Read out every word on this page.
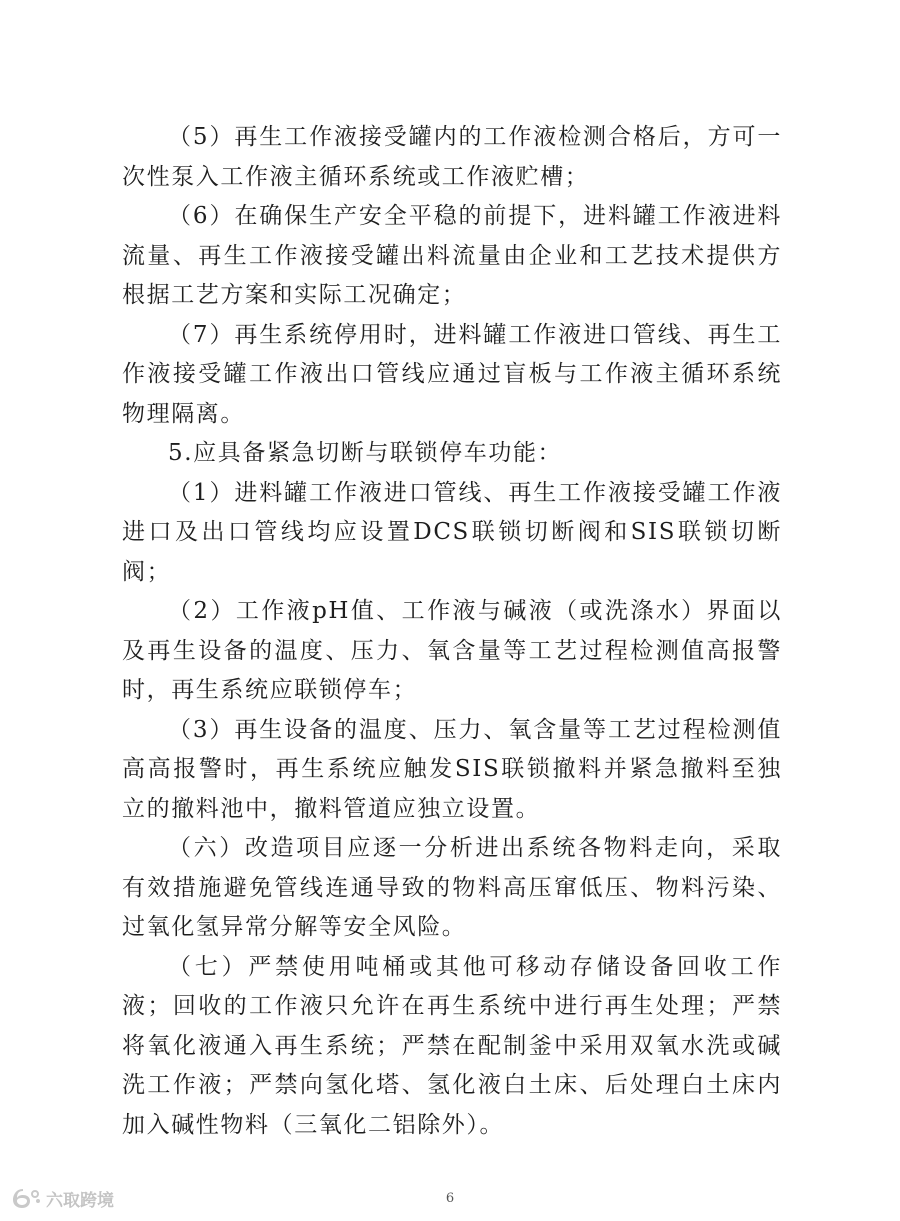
（5）再生工作液接受罐内的工作液检测合格后，方可一次性泵入工作液主循环系统或工作液贮槽；

（6）在确保生产安全平稳的前提下，进料罐工作液进料流量、再生工作液接受罐出料流量由企业和工艺技术提供方根据工艺方案和实际工况确定；

（7）再生系统停用时，进料罐工作液进口管线、再生工作液接受罐工作液出口管线应通过盲板与工作液主循环系统物理隔离。

5.应具备紧急切断与联锁停车功能：

（1）进料罐工作液进口管线、再生工作液接受罐工作液进口及出口管线均应设置DCS联锁切断阀和SIS联锁切断阀；

（2）工作液pH值、工作液与碱液（或洗涤水）界面以及再生设备的温度、压力、氧含量等工艺过程检测值高报警时，再生系统应联锁停车；

（3）再生设备的温度、压力、氧含量等工艺过程检测值高高报警时，再生系统应触发SIS联锁撤料并紧急撤料至独立的撤料池中，撤料管道应独立设置。

（六）改造项目应逐一分析进出系统各物料走向，采取有效措施避免管线连通导致的物料高压窜低压、物料污染、过氧化氢异常分解等安全风险。

（七）严禁使用吨桶或其他可移动存储设备回收工作液；回收的工作液只允许在再生系统中进行再生处理；严禁将氧化液通入再生系统；严禁在配制釜中采用双氧水洗或碱洗工作液；严禁向氢化塔、氢化液白土床、后处理白土床内加入碱性物料（三氧化二铝除外）。

6
六取跨境
